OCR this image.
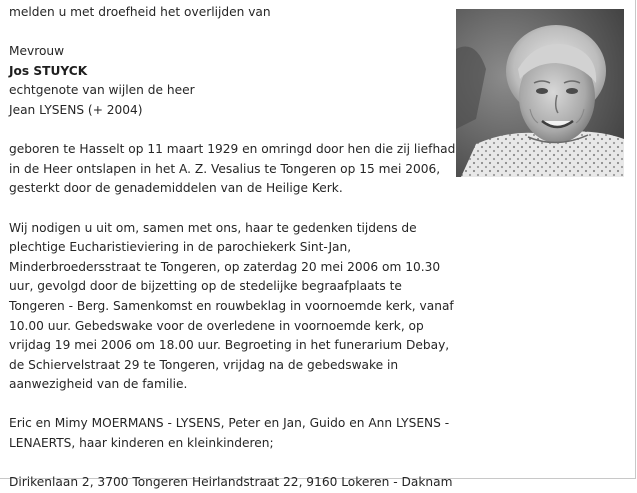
melden u met droefheid het overlijden van

Mevrouw

Jos STUYCK

echtgenote van wijlen de heer

Jean LYSENS (+ 2004)

geboren te Hasselt op 11 maart 1929 en omringd door hen die zij liefhad

in de Heer ontslapen in het A. Z. Vesalius te Tongeren op 15 mei 2006,

gesterkt door de genademiddelen van de Heilige Kerk.

Wij nodigen u uit om, samen met ons, haar te gedenken tijdens de

plechtige Eucharistieviering in de parochiekerk Sint-Jan,

Minderbroedersstraat te Tongeren, op zaterdag 20 mei 2006 om 10.30

uur, gevolgd door de bijzetting op de stedelijke begraafplaats te

Tongeren - Berg. Samenkomst en rouwbeklag in voornoemde kerk, vanaf

10.00 uur. Gebedswake voor de overledene in voornoemde kerk, op

vrijdag 19 mei 2006 om 18.00 uur. Begroeting in het funerarium Debay,

de Schiervelstraat 29 te Tongeren, vrijdag na de gebedswake in

aanwezigheid van de familie.

Eric en Mimy MOERMANS - LYSENS, Peter en Jan, Guido en Ann LYSENS -

LENAERTS, haar kinderen en kleinkinderen;

Dirikenlaan 2, 3700 Tongeren Heirlandstraat 22, 9160 Lokeren - Daknam
